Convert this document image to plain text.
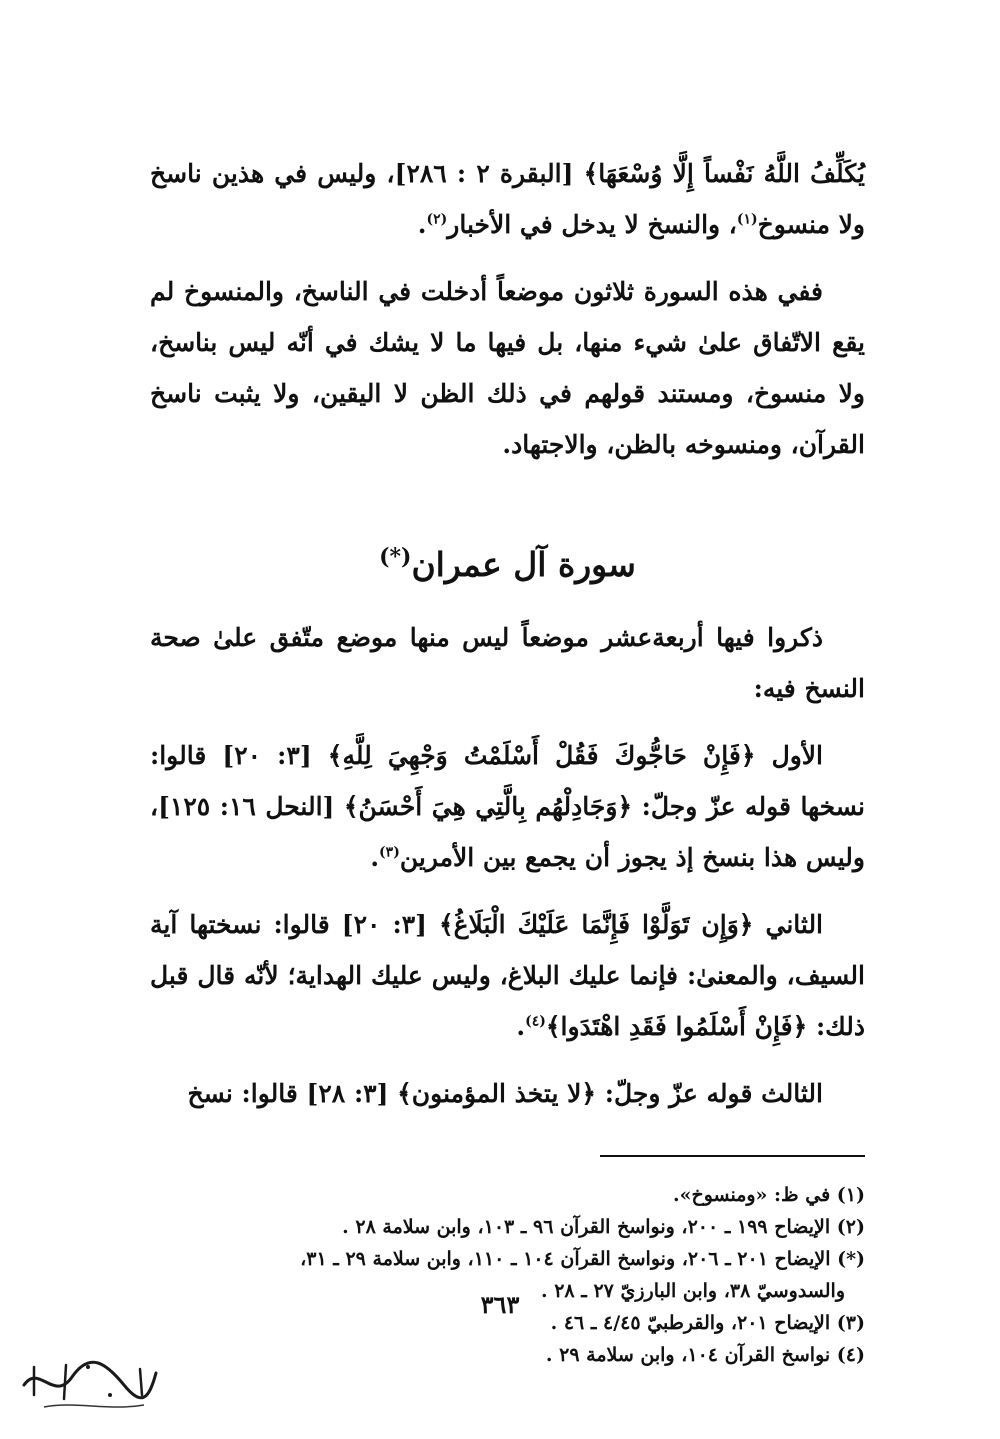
يُكَلِّفُ اللَّهُ نَفْساً إِلَّا وُسْعَهَا﴾ [البقرة ٢ : ٢٨٦]، وليس في هذين ناسخ ولا منسوخ$^{(١)}$، والنسخ لا يدخل في الأخبار$^{(٢)}$.

ففي هذه السورة ثلاثون موضعاً أدخلت في الناسخ، والمنسوخ لم يقع الاتّفاق علىٰ شيء منها، بل فيها ما لا يشك في أنّه ليس بناسخ، ولا منسوخ، ومستند قولهم في ذلك الظن لا اليقين، ولا يثبت ناسخ القرآن، ومنسوخه بالظن، والاجتهاد.

سورة آل عمران(*)

ذكروا فيها أربعةعشر موضعاً ليس منها موضع متّفق علىٰ صحة النسخ فيه:

الأول ﴿فَإِنْ حَاجُّوكَ فَقُلْ أَسْلَمْتُ وَجْهِيَ لِلَّهِ﴾ [٣: ٢٠] قالوا: نسخها قوله عزّ وجلّ: ﴿وَجَادِلْهُم بِالَّتِي هِيَ أَحْسَنُ﴾ [النحل ١٦: ١٢٥]، وليس هذا بنسخ إذ يجوز أن يجمع بين الأمرين$^{(٣)}$.

الثاني ﴿وَإِن تَوَلَّوْا فَإِنَّمَا عَلَيْكَ الْبَلَاغُ﴾ [٣: ٢٠] قالوا: نسختها آية السيف، والمعنىٰ: فإنما عليك البلاغ، وليس عليك الهداية؛ لأنّه قال قبل ذلك: ﴿فَإِنْ أَسْلَمُوا فَقَدِ اهْتَدَوا﴾$^{(٤)}$.

الثالث قوله عزّ وجلّ: ﴿لا يتخذ المؤمنون﴾ [٣: ٢٨] قالوا: نسخ

(١) في ظ: «ومنسوخ».

(٢) الإيضاح ١٩٩ ـ ٢٠٠، ونواسخ القرآن ٩٦ ـ ١٠٣، وابن سلامة ٢٨ .

(*) الإيضاح ٢٠١ ـ ٢٠٦، ونواسخ القرآن ١٠٤ ـ ١١٠، وابن سلامة ٢٩ ـ ٣١،

والسدوسيّ ٣٨، وابن البارزيّ ٢٧ ـ ٢٨ .

(٣) الإيضاح ٢٠١، والقرطبيّ ٤/٤٥ ـ ٤٦ .

(٤) نواسخ القرآن ١٠٤، وابن سلامة ٢٩ .

٣٦٣
